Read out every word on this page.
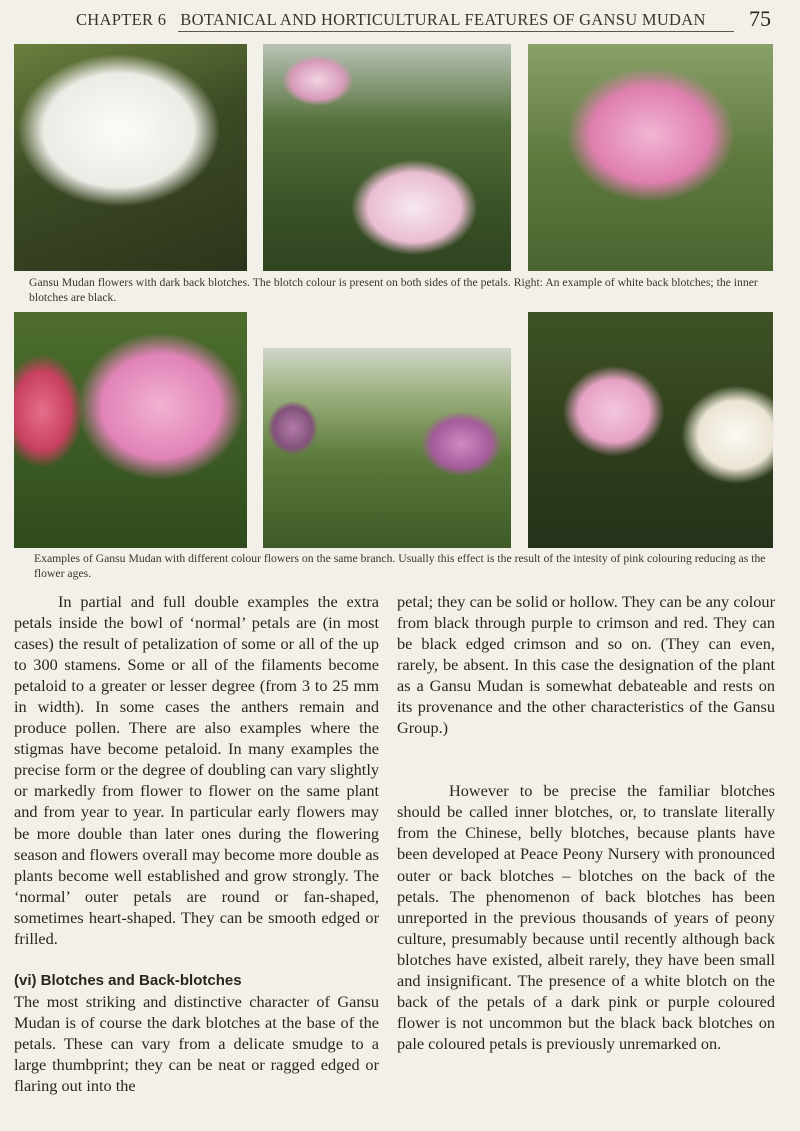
CHAPTER 6 BOTANICAL AND HORTICULTURAL FEATURES OF GANSU MUDAN 75
Gansu Mudan flowers with dark back blotches. The blotch colour is present on both sides of the petals. Right: An example of white back blotches; the inner blotches are black.
Examples of Gansu Mudan with different colour flowers on the same branch. Usually this effect is the result of the intesity of pink colouring reducing as the flower ages.

In partial and full double examples the extra petals inside the bowl of ‘normal’ petals are (in most cases) the result of petalization of some or all of the up to 300 stamens. Some or all of the filaments become petaloid to a greater or lesser degree (from 3 to 25 mm in width). In some cases the anthers remain and produce pollen. There are also examples where the stigmas have become petaloid. In many examples the precise form or the degree of doubling can vary slightly or markedly from flower to flower on the same plant and from year to year. In particular early flowers may be more double than later ones during the flowering season and flowers overall may become more double as plants become well established and grow strongly. The ‘normal’ outer petals are round or fan-shaped, sometimes heart-shaped. They can be smooth edged or frilled.

(vi) Blotches and Back-blotches

The most striking and distinctive character of Gansu Mudan is of course the dark blotches at the base of the petals. These can vary from a delicate smudge to a large thumbprint; they can be neat or ragged edged or flaring out into the

petal; they can be solid or hollow. They can be any colour from black through purple to crimson and red. They can be black edged crimson and so on. (They can even, rarely, be absent. In this case the designation of the plant as a Gansu Mudan is somewhat debateable and rests on its provenance and the other characteristics of the Gansu Group.)

However to be precise the familiar blotches should be called inner blotches, or, to translate literally from the Chinese, belly blotches, because plants have been developed at Peace Peony Nursery with pronounced outer or back blotches – blotches on the back of the petals. The phenomenon of back blotches has been unreported in the previous thousands of years of peony culture, presumably because until recently although back blotches have existed, albeit rarely, they have been small and insignificant. The presence of a white blotch on the back of the petals of a dark pink or purple coloured flower is not uncommon but the black back blotches on pale coloured petals is previously unremarked on.
